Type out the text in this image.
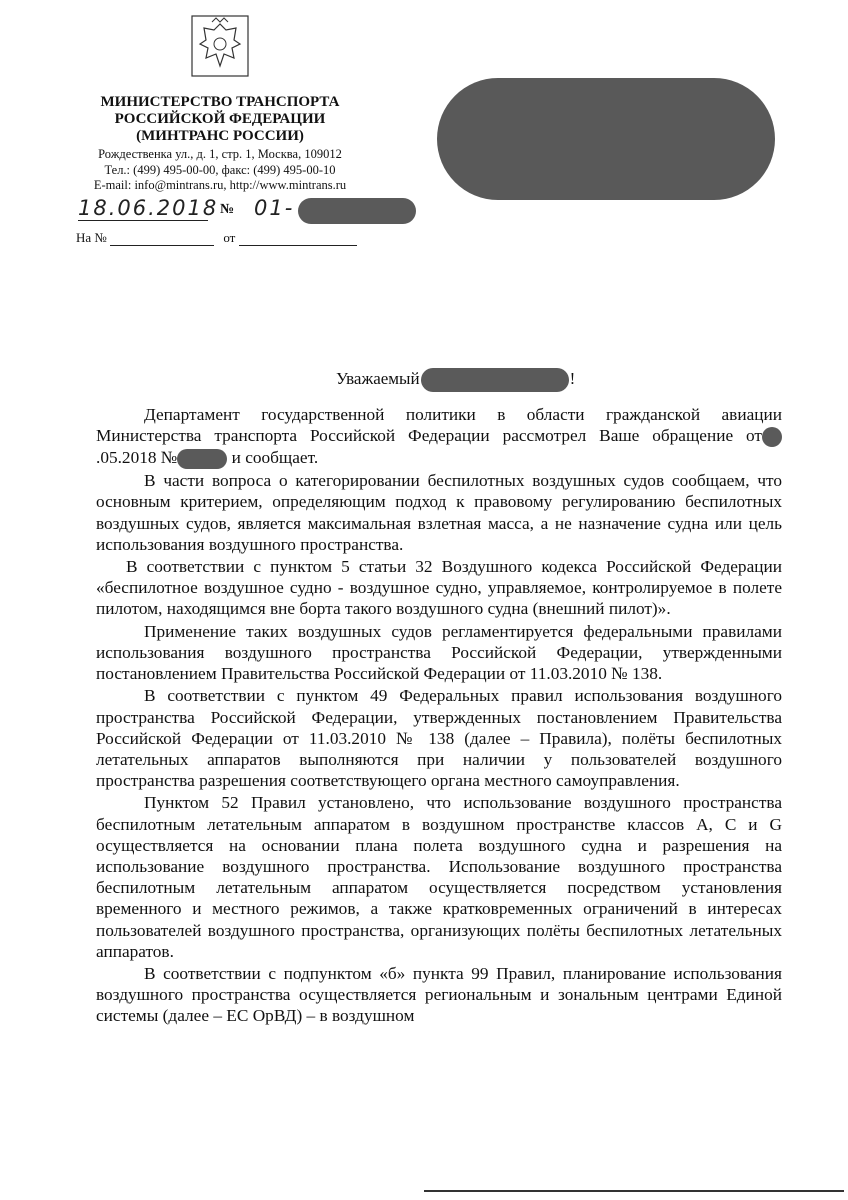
МИНИСТЕРСТВО ТРАНСПОРТА
РОССИЙСКОЙ ФЕДЕРАЦИИ
(МИНТРАНС РОССИИ)
Рождественка ул., д. 1, стр. 1, Москва, 109012
Тел.: (499) 495-00-00, факс: (499) 495-00-10
E-mail: info@mintrans.ru, http://www.mintrans.ru
18.06.2018 № 01-
На №	от
Уважаемый	!

Департамент государственной политики в области гражданской авиации Министерства транспорта Российской Федерации рассмотрел Ваше обращение от.05.2018 №	и сообщает.

В части вопроса о категорировании беспилотных воздушных судов сообщаем, что основным критерием, определяющим подход к правовому регулированию беспилотных воздушных судов, является максимальная взлетная масса, а не назначение судна или цель использования воздушного пространства.

В соответствии с пунктом 5 статьи 32 Воздушного кодекса Российской Федерации «беспилотное воздушное судно - воздушное судно, управляемое, контролируемое в полете пилотом, находящимся вне борта такого воздушного судна (внешний пилот)».

Применение таких воздушных судов регламентируется федеральными правилами использования воздушного пространства Российской Федерации, утвержденными постановлением Правительства Российской Федерации от 11.03.2010 № 138.

В соответствии с пунктом 49 Федеральных правил использования воздушного пространства Российской Федерации, утвержденных постановлением Правительства Российской Федерации от 11.03.2010 № 138 (далее – Правила), полёты беспилотных летательных аппаратов выполняются при наличии у пользователей воздушного пространства разрешения соответствующего органа местного самоуправления.

Пунктом 52 Правил установлено, что использование воздушного пространства беспилотным летательным аппаратом в воздушном пространстве классов A, C и G осуществляется на основании плана полета воздушного судна и разрешения на использование воздушного пространства. Использование воздушного пространства беспилотным летательным аппаратом осуществляется посредством установления временного и местного режимов, а также кратковременных ограничений в интересах пользователей воздушного пространства, организующих полёты беспилотных летательных аппаратов.

В соответствии с подпунктом «б» пункта 99 Правил, планирование использования воздушного пространства осуществляется региональным и зональным центрами Единой системы (далее – ЕС ОрВД) – в воздушном
